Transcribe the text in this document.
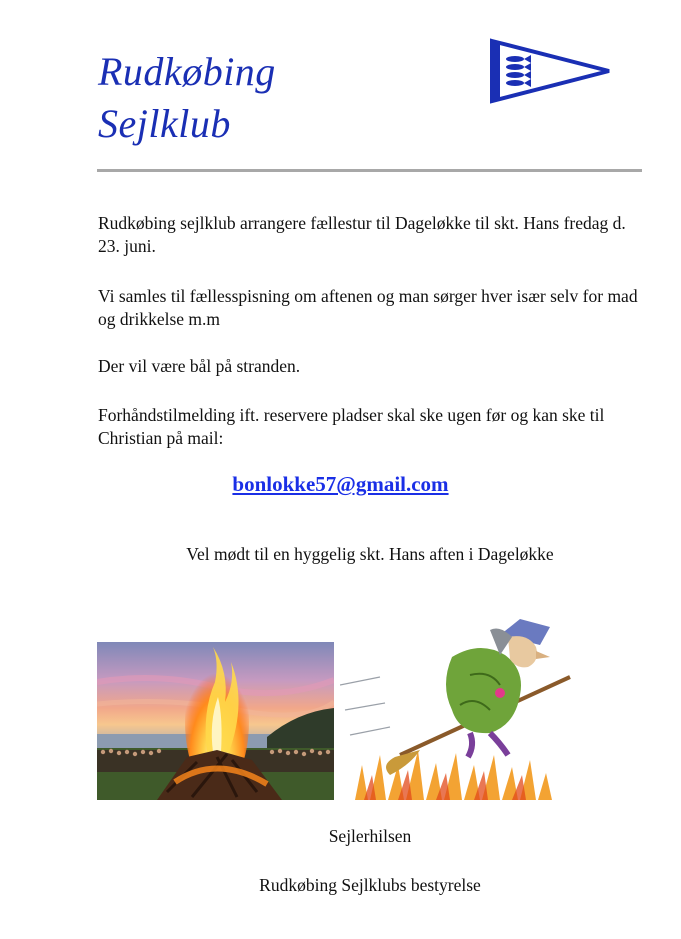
Rudkøbing
Sejlklub

Rudkøbing sejlklub arrangere fællestur til Dageløkke til skt. Hans fredag d. 23. juni.

Vi samles til fællesspisning om aftenen og man sørger hver især selv for mad og drikkelse m.m

Der vil være bål på stranden.

Forhåndstilmelding ift. reservere pladser skal ske ugen før og kan ske til Christian på mail:

bonlokke57@gmail.com

Vel mødt til en hyggelig skt. Hans aften i Dageløkke

Sejlerhilsen

Rudkøbing Sejlklubs bestyrelse
